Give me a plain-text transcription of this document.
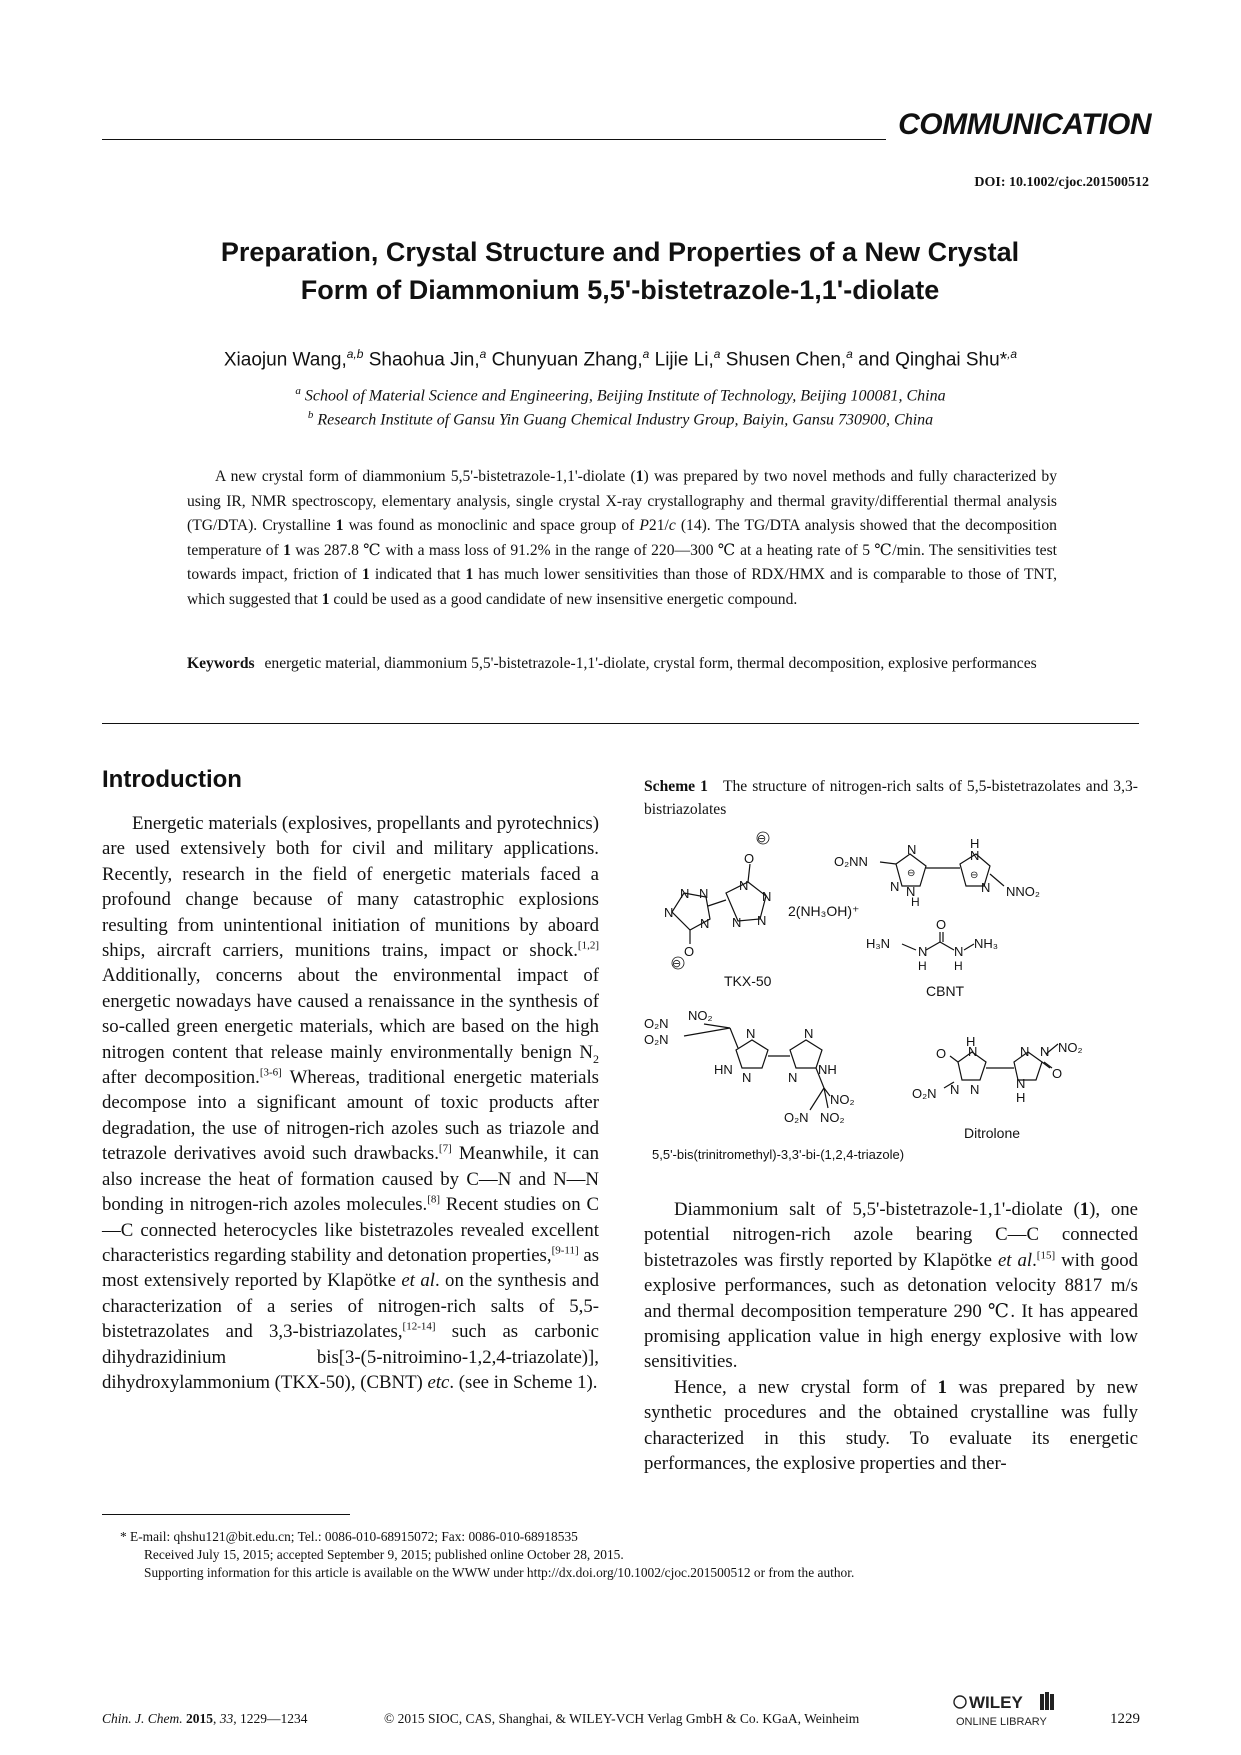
COMMUNICATION
DOI: 10.1002/cjoc.201500512
Preparation, Crystal Structure and Properties of a New Crystal
Form of Diammonium 5,5'-bistetrazole-1,1'-diolate
Xiaojun Wang,$^{a,b}$ Shaohua Jin,$^a$ Chunyuan Zhang,$^a$ Lijie Li,$^a$ Shusen Chen,$^a$ and Qinghai Shu*$^{,a}$
$^a$ School of Material Science and Engineering, Beijing Institute of Technology, Beijing 100081, China
$^b$ Research Institute of Gansu Yin Guang Chemical Industry Group, Baiyin, Gansu 730900, China
A new crystal form of diammonium 5,5'-bistetrazole-1,1'-diolate (1) was prepared by two novel methods and fully characterized by using IR, NMR spectroscopy, elementary analysis, single crystal X-ray crystallography and thermal gravity/differential thermal analysis (TG/DTA). Crystalline 1 was found as monoclinic and space group of P21/c (14). The TG/DTA analysis showed that the decomposition temperature of 1 was 287.8 ℃ with a mass loss of 91.2% in the range of 220—300 ℃ at a heating rate of 5 ℃/min. The sensitivities test towards impact, friction of 1 indicated that 1 has much lower sensitivities than those of RDX/HMX and is comparable to those of TNT, which suggested that 1 could be used as a good candidate of new insensitive energetic compound.
Keywords energetic material, diammonium 5,5'-bistetrazole-1,1'-diolate, crystal form, thermal decomposition, explosive performances
Introduction

Energetic materials (explosives, propellants and pyrotechnics) are used extensively both for civil and military applications. Recently, research in the field of energetic materials faced a profound change because of many catastrophic explosions resulting from unintentional initiation of munitions by aboard ships, aircraft carriers, munitions trains, impact or shock.[1,2] Additionally, concerns about the environmental impact of energetic nowadays have caused a renaissance in the synthesis of so-called green energetic materials, which are based on the high nitrogen content that release mainly environmentally benign $N_2$ after decomposition.[3-6] Whereas, traditional energetic materials decompose into a significant amount of toxic products after degradation, the use of nitrogen-rich azoles such as triazole and tetrazole derivatives avoid such drawbacks.[7] Meanwhile, it can also increase the heat of formation caused by C—N and N—N bonding in nitrogen-rich azoles molecules.[8] Recent studies on C—C connected heterocycles like bistetrazoles revealed excellent characteristics regarding stability and detonation properties,[9-11] as most extensively reported by Klapötke et al. on the synthesis and characterization of a series of nitrogen-rich salts of 5,5-bistetrazolates and 3,3-bistriazolates,[12-14] such as carbonic dihydrazidinium bis[3-(5-nitroimino-1,2,4-triazolate)], dihydroxylammonium (TKX-50), (CBNT) etc. (see in Scheme 1).

Scheme 1 The structure of nitrogen-rich salts of 5,5-bistetrazolates and 3,3-bistriazolates
N N
N
N
N
N
N
N
O
O
⊖
⊖
TKX-50
2(NH₃OH)⁺
O₂NN
N
N N
H
H
N
N NNO₂
⊖	⊖
H₃N
O
NH₃
N N
H H
CBNT
O₂N
NO₂
O₂N	N
HN
N
N
NH
N
NO₂
O₂N NO₂
5,5'-bis(trinitromethyl)-3,3'-bi-(1,2,4-triazole)
O
H
N
O₂N N N
N N NO₂
N
H
O
Ditrolone

Diammonium salt of 5,5'-bistetrazole-1,1'-diolate (1), one potential nitrogen-rich azole bearing C—C connected bistetrazoles was firstly reported by Klapötke et al.[15] with good explosive performances, such as detonation velocity 8817 m/s and thermal decomposition temperature 290 ℃. It has appeared promising application value in high energy explosive with low sensitivities.

Hence, a new crystal form of 1 was prepared by new synthetic procedures and the obtained crystalline was fully characterized in this study. To evaluate its energetic performances, the explosive properties and ther-

* E-mail: qhshu121@bit.edu.cn; Tel.: 0086-010-68915072; Fax: 0086-010-68918535

Received July 15, 2015; accepted September 9, 2015; published online October 28, 2015.

Supporting information for this article is available on the WWW under http://dx.doi.org/10.1002/cjoc.201500512 or from the author.

Chin. J. Chem. 2015, 33, 1229—1234	© 2015 SIOC, CAS, Shanghai, & WILEY-VCH Verlag GmbH & Co. KGaA, Weinheim
WILEY
ONLINE LIBRARY	1229
